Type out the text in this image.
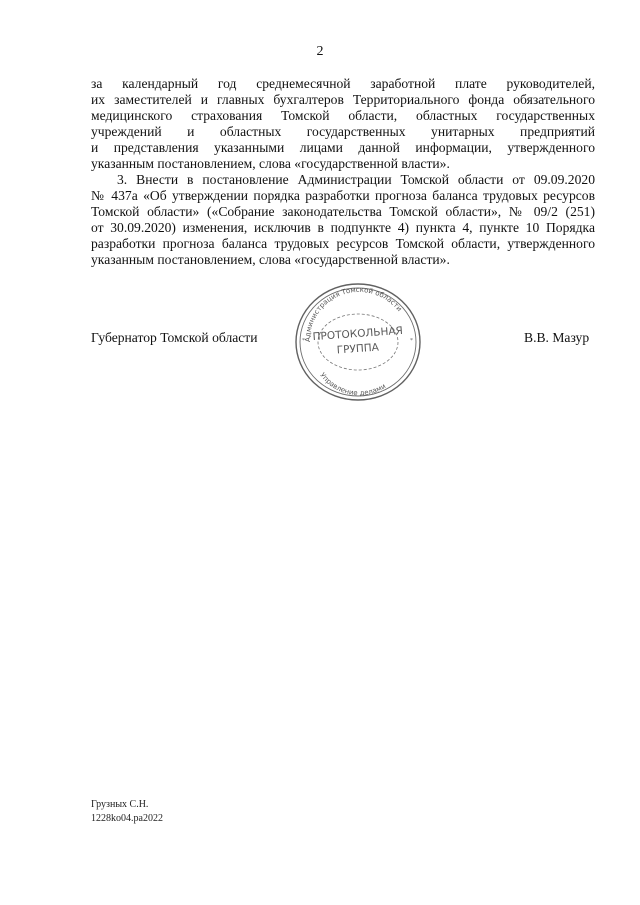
2
за календарный год среднемесячной заработной плате руководителей,
их заместителей и главных бухгалтеров Территориального фонда обязательного
медицинского страхования Томской области, областных государственных
учреждений и областных государственных унитарных предприятий
и представления указанными лицами данной информации, утвержденного
указанным постановлением, слова «государственной власти».
3. Внести в постановление Администрации Томской области от 09.09.2020
№ 437а «Об утверждении порядка разработки прогноза баланса трудовых ресурсов
Томской области» («Собрание законодательства Томской области», № 09/2 (251)
от 30.09.2020) изменения, исключив в подпункте 4) пункта 4, пункте 10 Порядка
разработки прогноза баланса трудовых ресурсов Томской области, утвержденного
указанным постановлением, слова «государственной власти».
Губернатор Томской области	В.В. Мазур
Администрация Томской области
Управление делами
ПРОТОКОЛЬНАЯ
ГРУППА
*	*
Грузных С.Н.
1228ko04.pa2022
